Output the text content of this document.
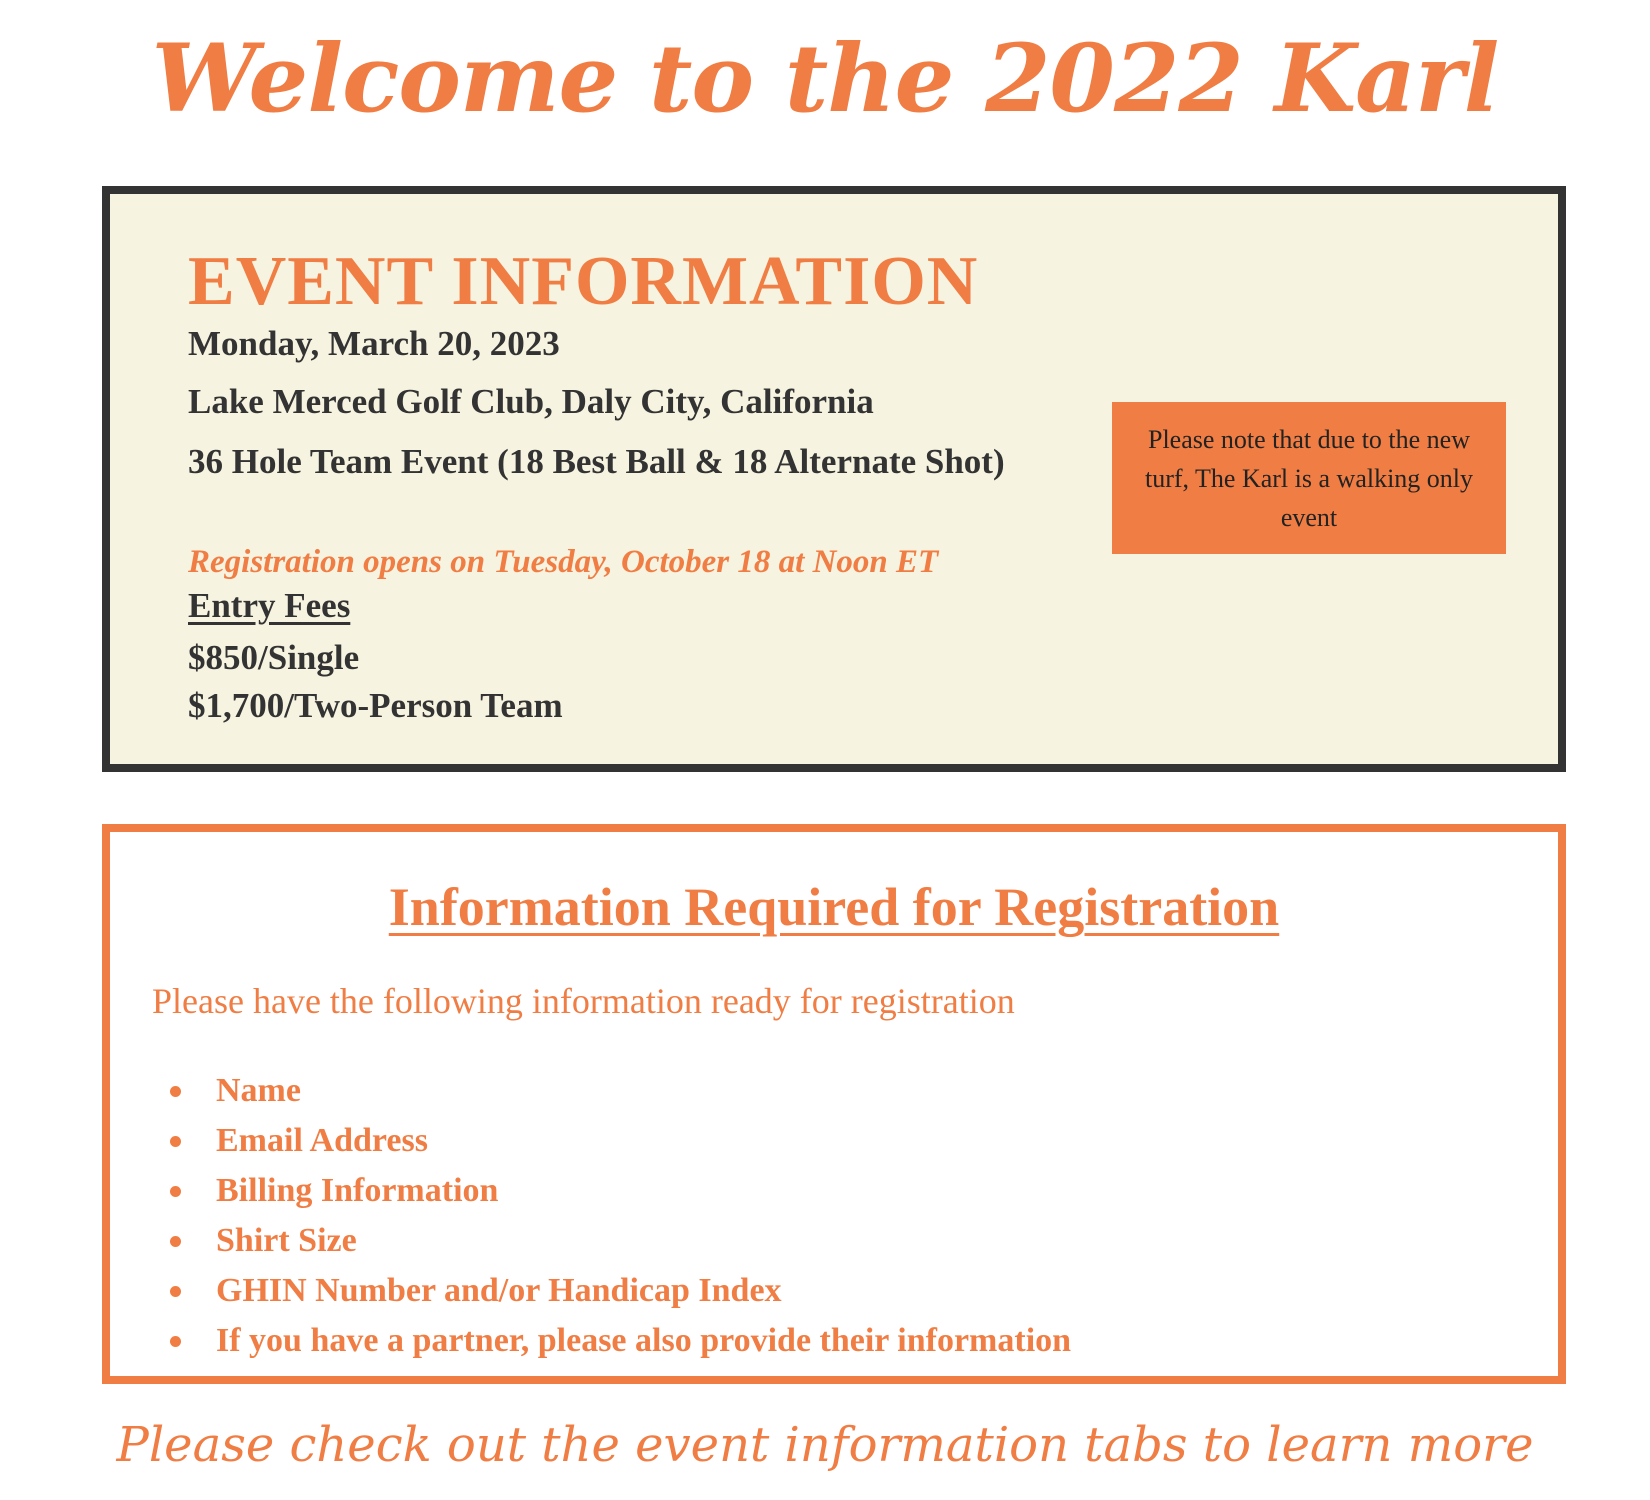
Welcome to the 2022 Karl
EVENT INFORMATION

Monday, March 20, 2023

Lake Merced Golf Club, Daly City, California

36 Hole Team Event (18 Best Ball & 18 Alternate Shot)

Registration opens on Tuesday, October 18 at Noon ET

Entry Fees

$850/Single

$1,700/Two-Person Team

Please note that due to the new turf, The Karl is a walking only event
Information Required for Registration

Please have the following information ready for registration

Name
Email Address
Billing Information
Shirt Size
GHIN Number and/or Handicap Index
If you have a partner, please also provide their information

Please check out the event information tabs to learn more
